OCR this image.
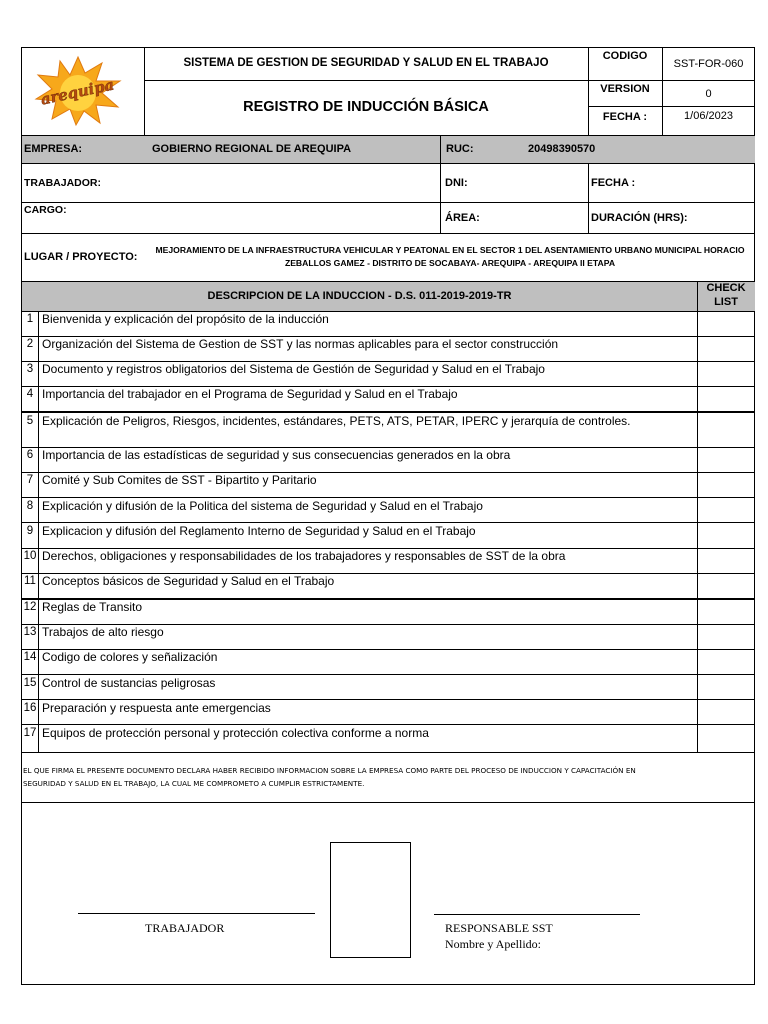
arequipa
SISTEMA DE GESTION DE SEGURIDAD Y SALUD EN EL TRABAJO
REGISTRO DE INDUCCIÓN BÁSICA
CODIGO
SST-FOR-060
VERSION	0
FECHA :	1/06/2023
EMPRESA:	GOBIERNO REGIONAL DE AREQUIPA	RUC:	20498390570
TRABAJADOR:	DNI:	FECHA :
CARGO:
ÁREA:	DURACIÓN (HRS):
LUGAR / PROYECTO:
MEJORAMIENTO DE LA INFRAESTRUCTURA VEHICULAR Y PEATONAL EN EL SECTOR 1 DEL ASENTAMIENTO URBANO MUNICIPAL HORACIO
ZEBALLOS GAMEZ - DISTRITO DE SOCABAYA- AREQUIPA - AREQUIPA II ETAPA
DESCRIPCION DE LA INDUCCION - D.S. 011-2019-2019-TR
CHECK
LIST
1 Bienvenida y explicación del propósito de la inducción
2 Organización del Sistema de Gestion de SST y las normas aplicables para el sector construcción
3 Documento y registros obligatorios del Sistema de Gestión de Seguridad y Salud en el Trabajo
4 Importancia del trabajador en el Programa de Seguridad y Salud en el Trabajo
5 Explicación de Peligros, Riesgos, incidentes, estándares, PETS, ATS, PETAR, IPERC y jerarquía de controles.
6 Importancia de las estadísticas de seguridad y sus consecuencias generados en la obra
7 Comité y Sub Comites de SST - Bipartito y Paritario
8 Explicación y difusión de la Politica del sistema de Seguridad y Salud en el Trabajo
9 Explicacion y difusión del Reglamento Interno de Seguridad y Salud en el Trabajo
10 Derechos, obligaciones y responsabilidades de los trabajadores y responsables de SST de la obra
11 Conceptos básicos de Seguridad y Salud en el Trabajo
12 Reglas de Transito
13 Trabajos de alto riesgo
14 Codigo de colores y señalización
15 Control de sustancias peligrosas
16 Preparación y respuesta ante emergencias
17 Equipos de protección personal y protección colectiva conforme a norma
EL QUE FIRMA EL PRESENTE DOCUMENTO DECLARA HABER RECIBIDO INFORMACION SOBRE LA EMPRESA COMO PARTE DEL PROCESO DE INDUCCION Y CAPACITACIÓN EN
SEGURIDAD Y SALUD EN EL TRABAJO, LA CUAL ME COMPROMETO A CUMPLIR ESTRICTAMENTE.
TRABAJADOR	RESPONSABLE SST
Nombre y Apellido:
